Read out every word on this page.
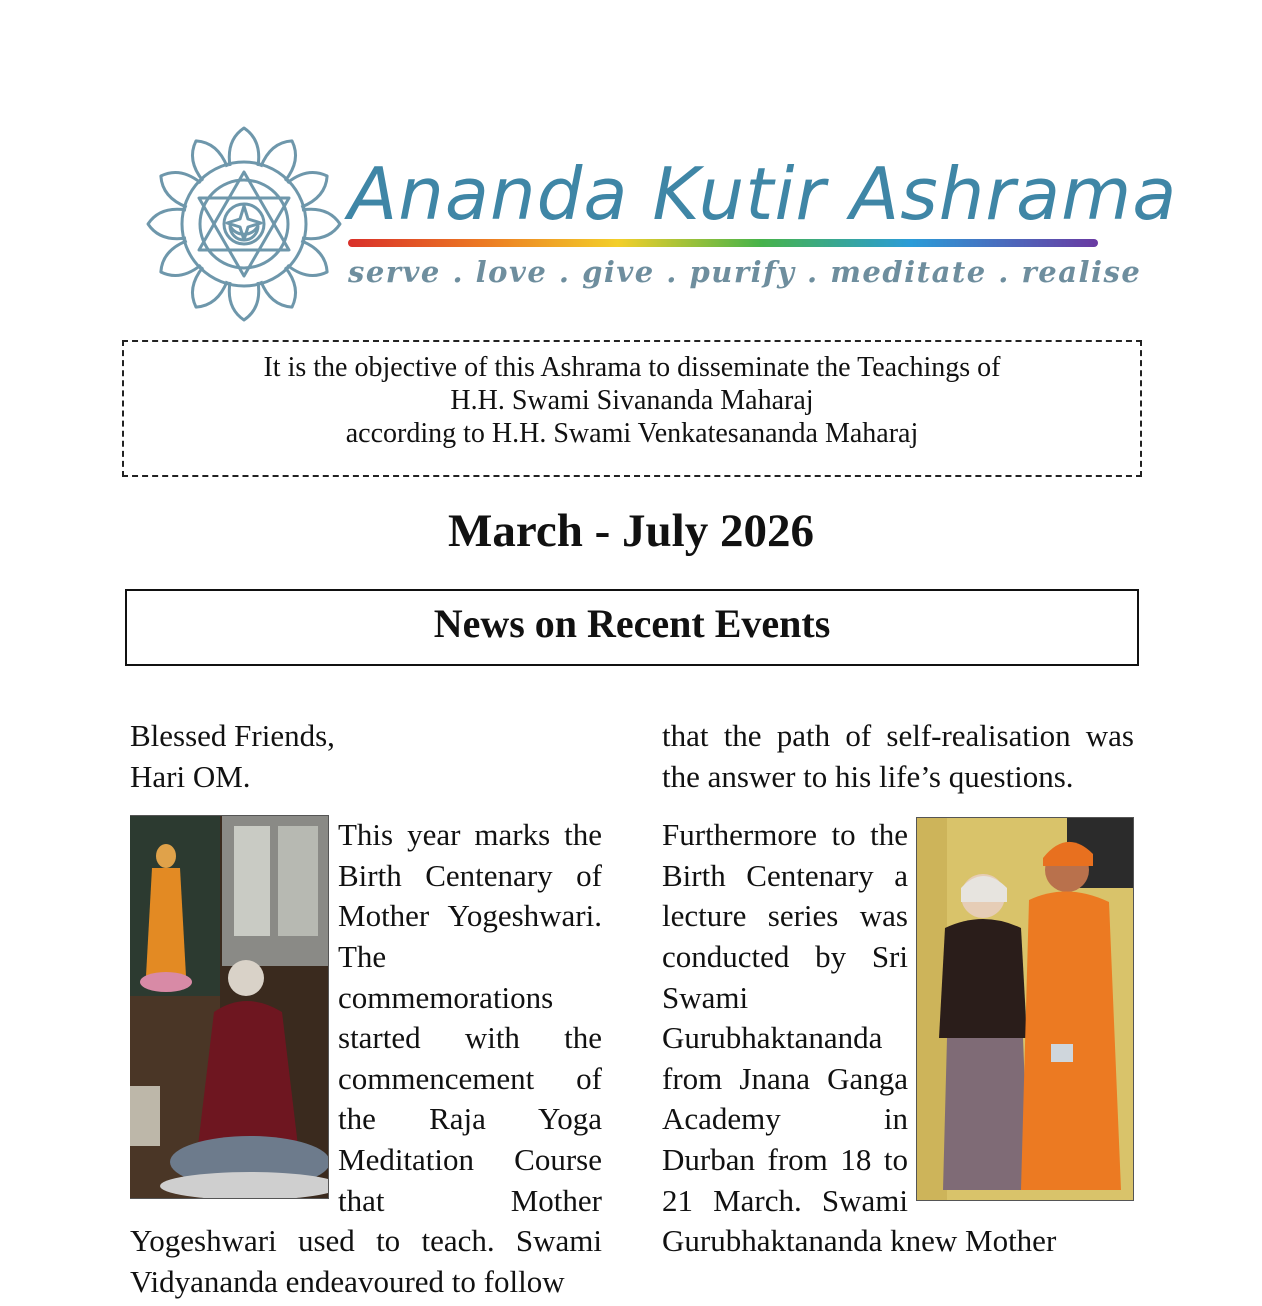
Ananda Kutir Ashrama

serve . love . give . purify . meditate . realise

It is the objective of this Ashrama to disseminate the Teachings of

H.H. Swami Sivananda Maharaj

according to H.H. Swami Venkatesananda Maharaj

March - July 2026
News on Recent Events

Blessed Friends,

Hari OM.

This year marks the Birth Centenary of Mother Yogeshwari. The commemorations started with the commencement of the Raja Yoga Meditation Course that Mother Yogeshwari used to teach. Swami Vidyananda endeavoured to follow

that the path of self-realisation was the answer to his life’s questions.

Furthermore to the Birth Centenary a lecture series was conducted by Sri Swami Gurubhaktananda from Jnana Ganga Academy in Durban from 18 to 21 March. Swami Gurubhaktananda knew Mother
